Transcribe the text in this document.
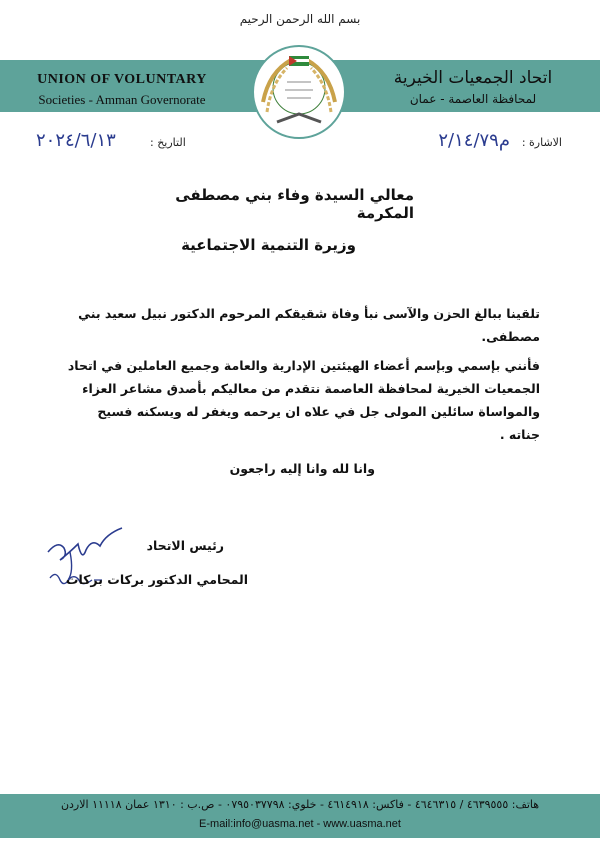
بسم الله الرحمن الرحيم
UNION OF VOLUNTARY
Societies - Amman Governorate
اتحاد الجمعيات الخيرية
لمحافظة العاصمة - عمان
٢٠٢٤/٦/١٣	التاريخ :	م٢/١٤/٧٩ الاشارة :
معالي السيدة وفاء بني مصطفى المكرمة
وزيرة التنمية الاجتماعية

تلقينا ببالغ الحزن والآسى نبأ وفاة شقيقكم المرحوم الدكتور نبيل سعيد بني مصطفى.

فأنني بإسمي وبإسم أعضاء الهيئتين الإدارية والعامة وجميع العاملين في اتحاد الجمعيات الخيرية لمحافظة العاصمة نتقدم من معاليكم بأصدق مشاعر العزاء والمواساة سائلين المولى جل في علاه ان يرحمه ويغفر له ويسكنه فسيح جناته .

وانا لله وانا إليه راجعون
رئيس الاتحاد
المحامي الدكتور بركات بركات
هاتف: ٤٦٣٩٥٥٥ / ٤٦٤٦٣١٥ - فاكس: ٤٦١٤٩١٨ - خلوي: ٠٧٩٥٠٣٧٧٩٨ - ص.ب : ١٣١٠ عمان ١١١١٨ الاردن
E-mail:info@uasma.net - www.uasma.net
